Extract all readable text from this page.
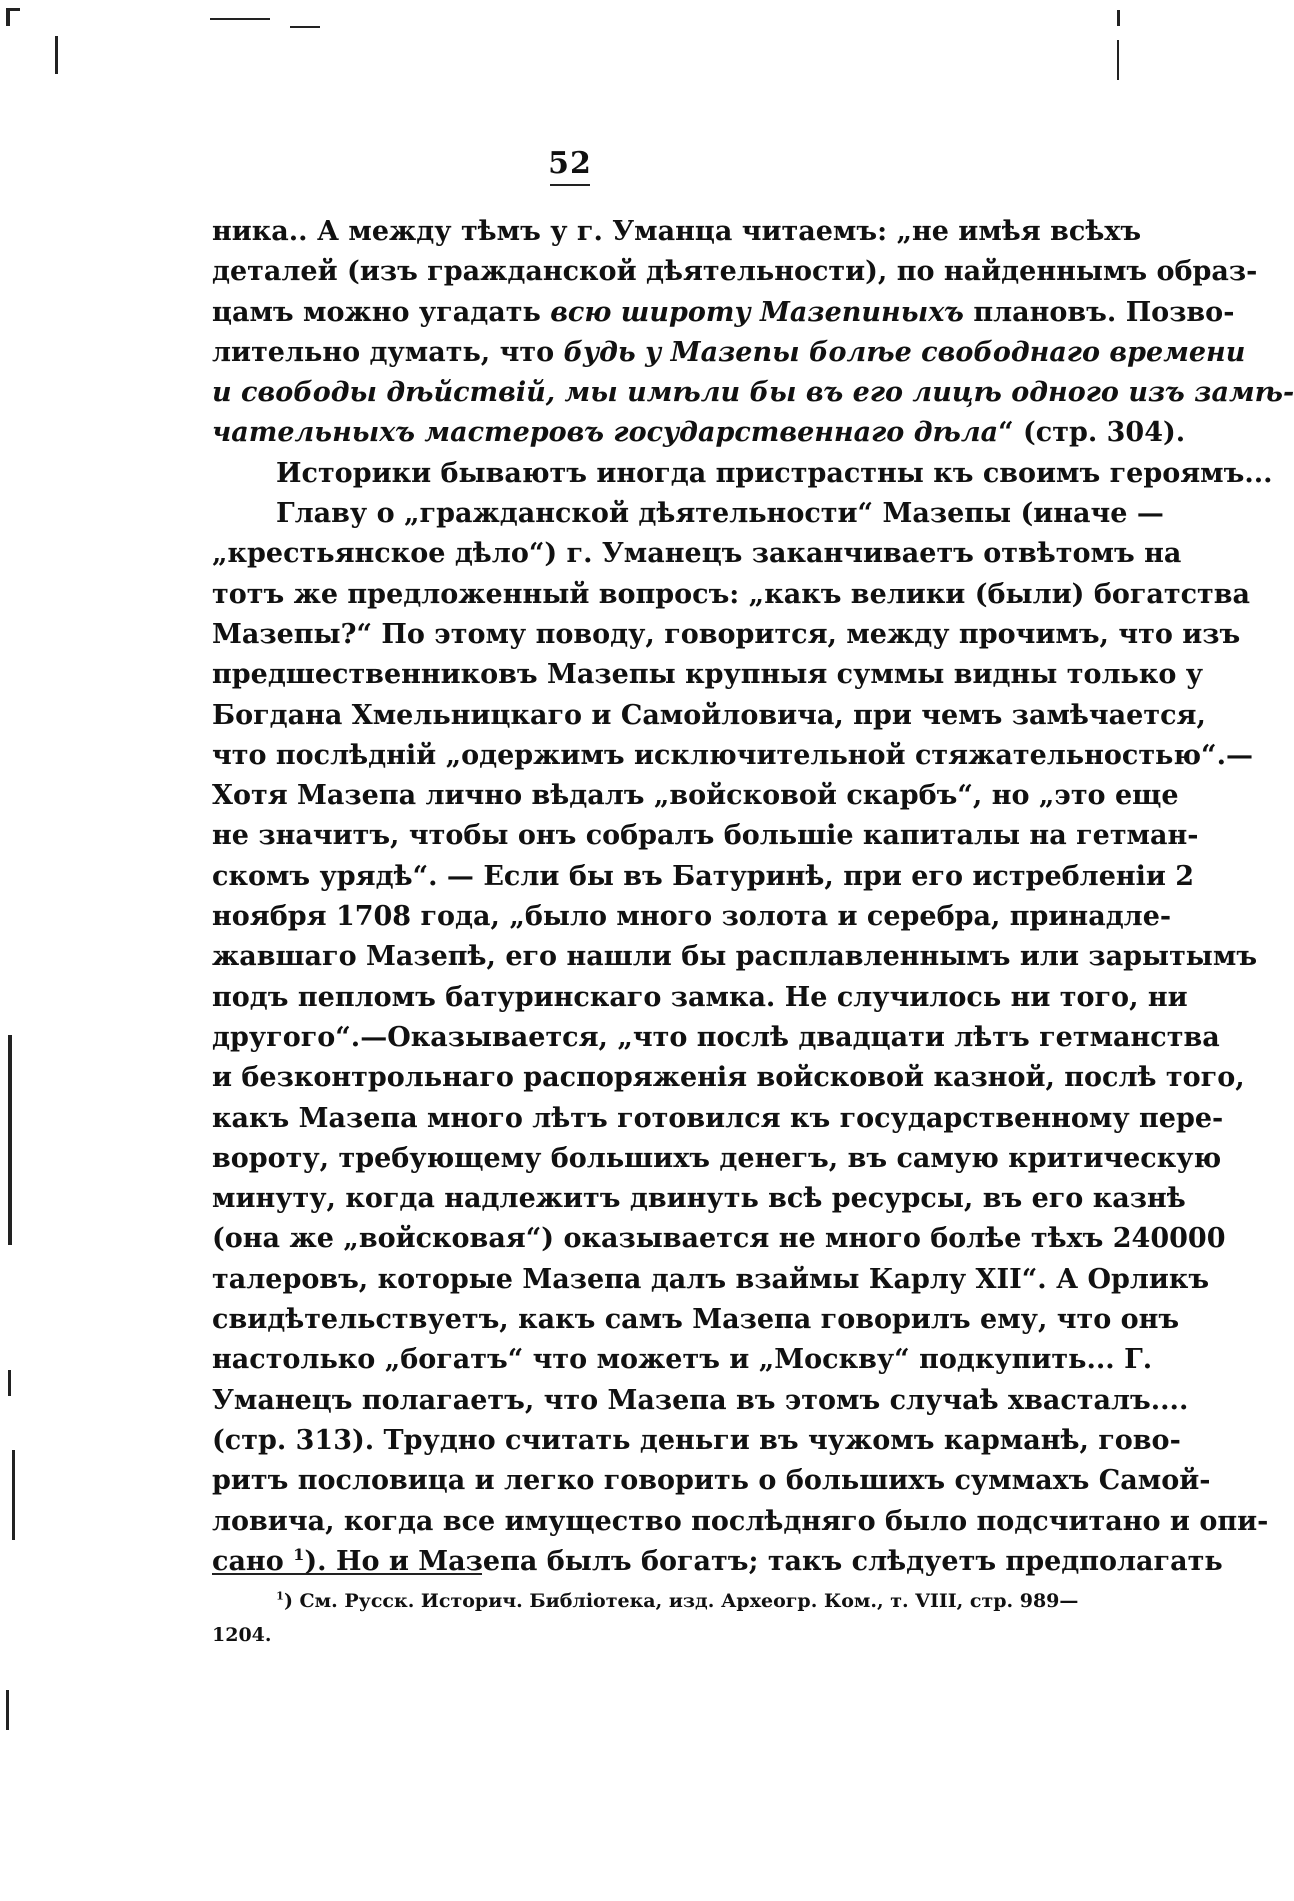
52
ника.. А между тѣмъ у г. Уманца читаемъ: „не имѣя всѣхъ
деталей (изъ гражданской дѣятельности), по найденнымъ образ-
цамъ можно угадать всю широту Мазепиныхъ плановъ. Позво-
лительно думать, что будь у Мазепы болѣе свободнаго времени
и свободы дѣйствій, мы имѣли бы въ его лицѣ одного изъ замѣ-
чательныхъ мастеровъ государственнаго дѣла“ (стр. 304).
Историки бываютъ иногда пристрастны къ своимъ героямъ...
Главу о „гражданской дѣятельности“ Мазепы (иначе —
„крестьянское дѣло“) г. Уманецъ заканчиваетъ отвѣтомъ на
тотъ же предложенный вопросъ: „какъ велики (были) богатства
Мазепы?“ По этому поводу, говорится, между прочимъ, что изъ
предшественниковъ Мазепы крупныя суммы видны только у
Богдана Хмельницкаго и Самойловича, при чемъ замѣчается,
что послѣдній „одержимъ исключительной стяжательностью“.—
Хотя Мазепа лично вѣдалъ „войсковой скарбъ“, но „это еще
не значитъ, чтобы онъ собралъ большіе капиталы на гетман-
скомъ урядѣ“. — Если бы въ Батуринѣ, при его истребленіи 2
ноября 1708 года, „было много золота и серебра, принадле-
жавшаго Мазепѣ, его нашли бы расплавленнымъ или зарытымъ
подъ пепломъ батуринскаго замка. Не случилось ни того, ни
другого“.—Оказывается, „что послѣ двадцати лѣтъ гетманства
и безконтрольнаго распоряженія войсковой казной, послѣ того,
какъ Мазепа много лѣтъ готовился къ государственному пере-
вороту, требующему большихъ денегъ, въ самую критическую
минуту, когда надлежитъ двинуть всѣ ресурсы, въ его казнѣ
(она же „войсковая“) оказывается не много болѣе тѣхъ 240000
талеровъ, которые Мазепа далъ взаймы Карлу XII“. А Орликъ
свидѣтельствуетъ, какъ самъ Мазепа говорилъ ему, что онъ
настолько „богатъ“ что можетъ и „Москву“ подкупить... Г.
Уманецъ полагаетъ, что Мазепа въ этомъ случаѣ хвасталъ....
(стр. 313). Трудно считать деньги въ чужомъ карманѣ, гово-
ритъ пословица и легко говорить о большихъ суммахъ Самой-
ловича, когда все имущество послѣдняго было подсчитано и опи-
сано $^1$). Но и Мазепа былъ богатъ; такъ слѣдуетъ предполагать
$^1$) См. Русск. Историч. Библіотека, изд. Археогр. Ком., т. VIII, стр. 989—
1204.
